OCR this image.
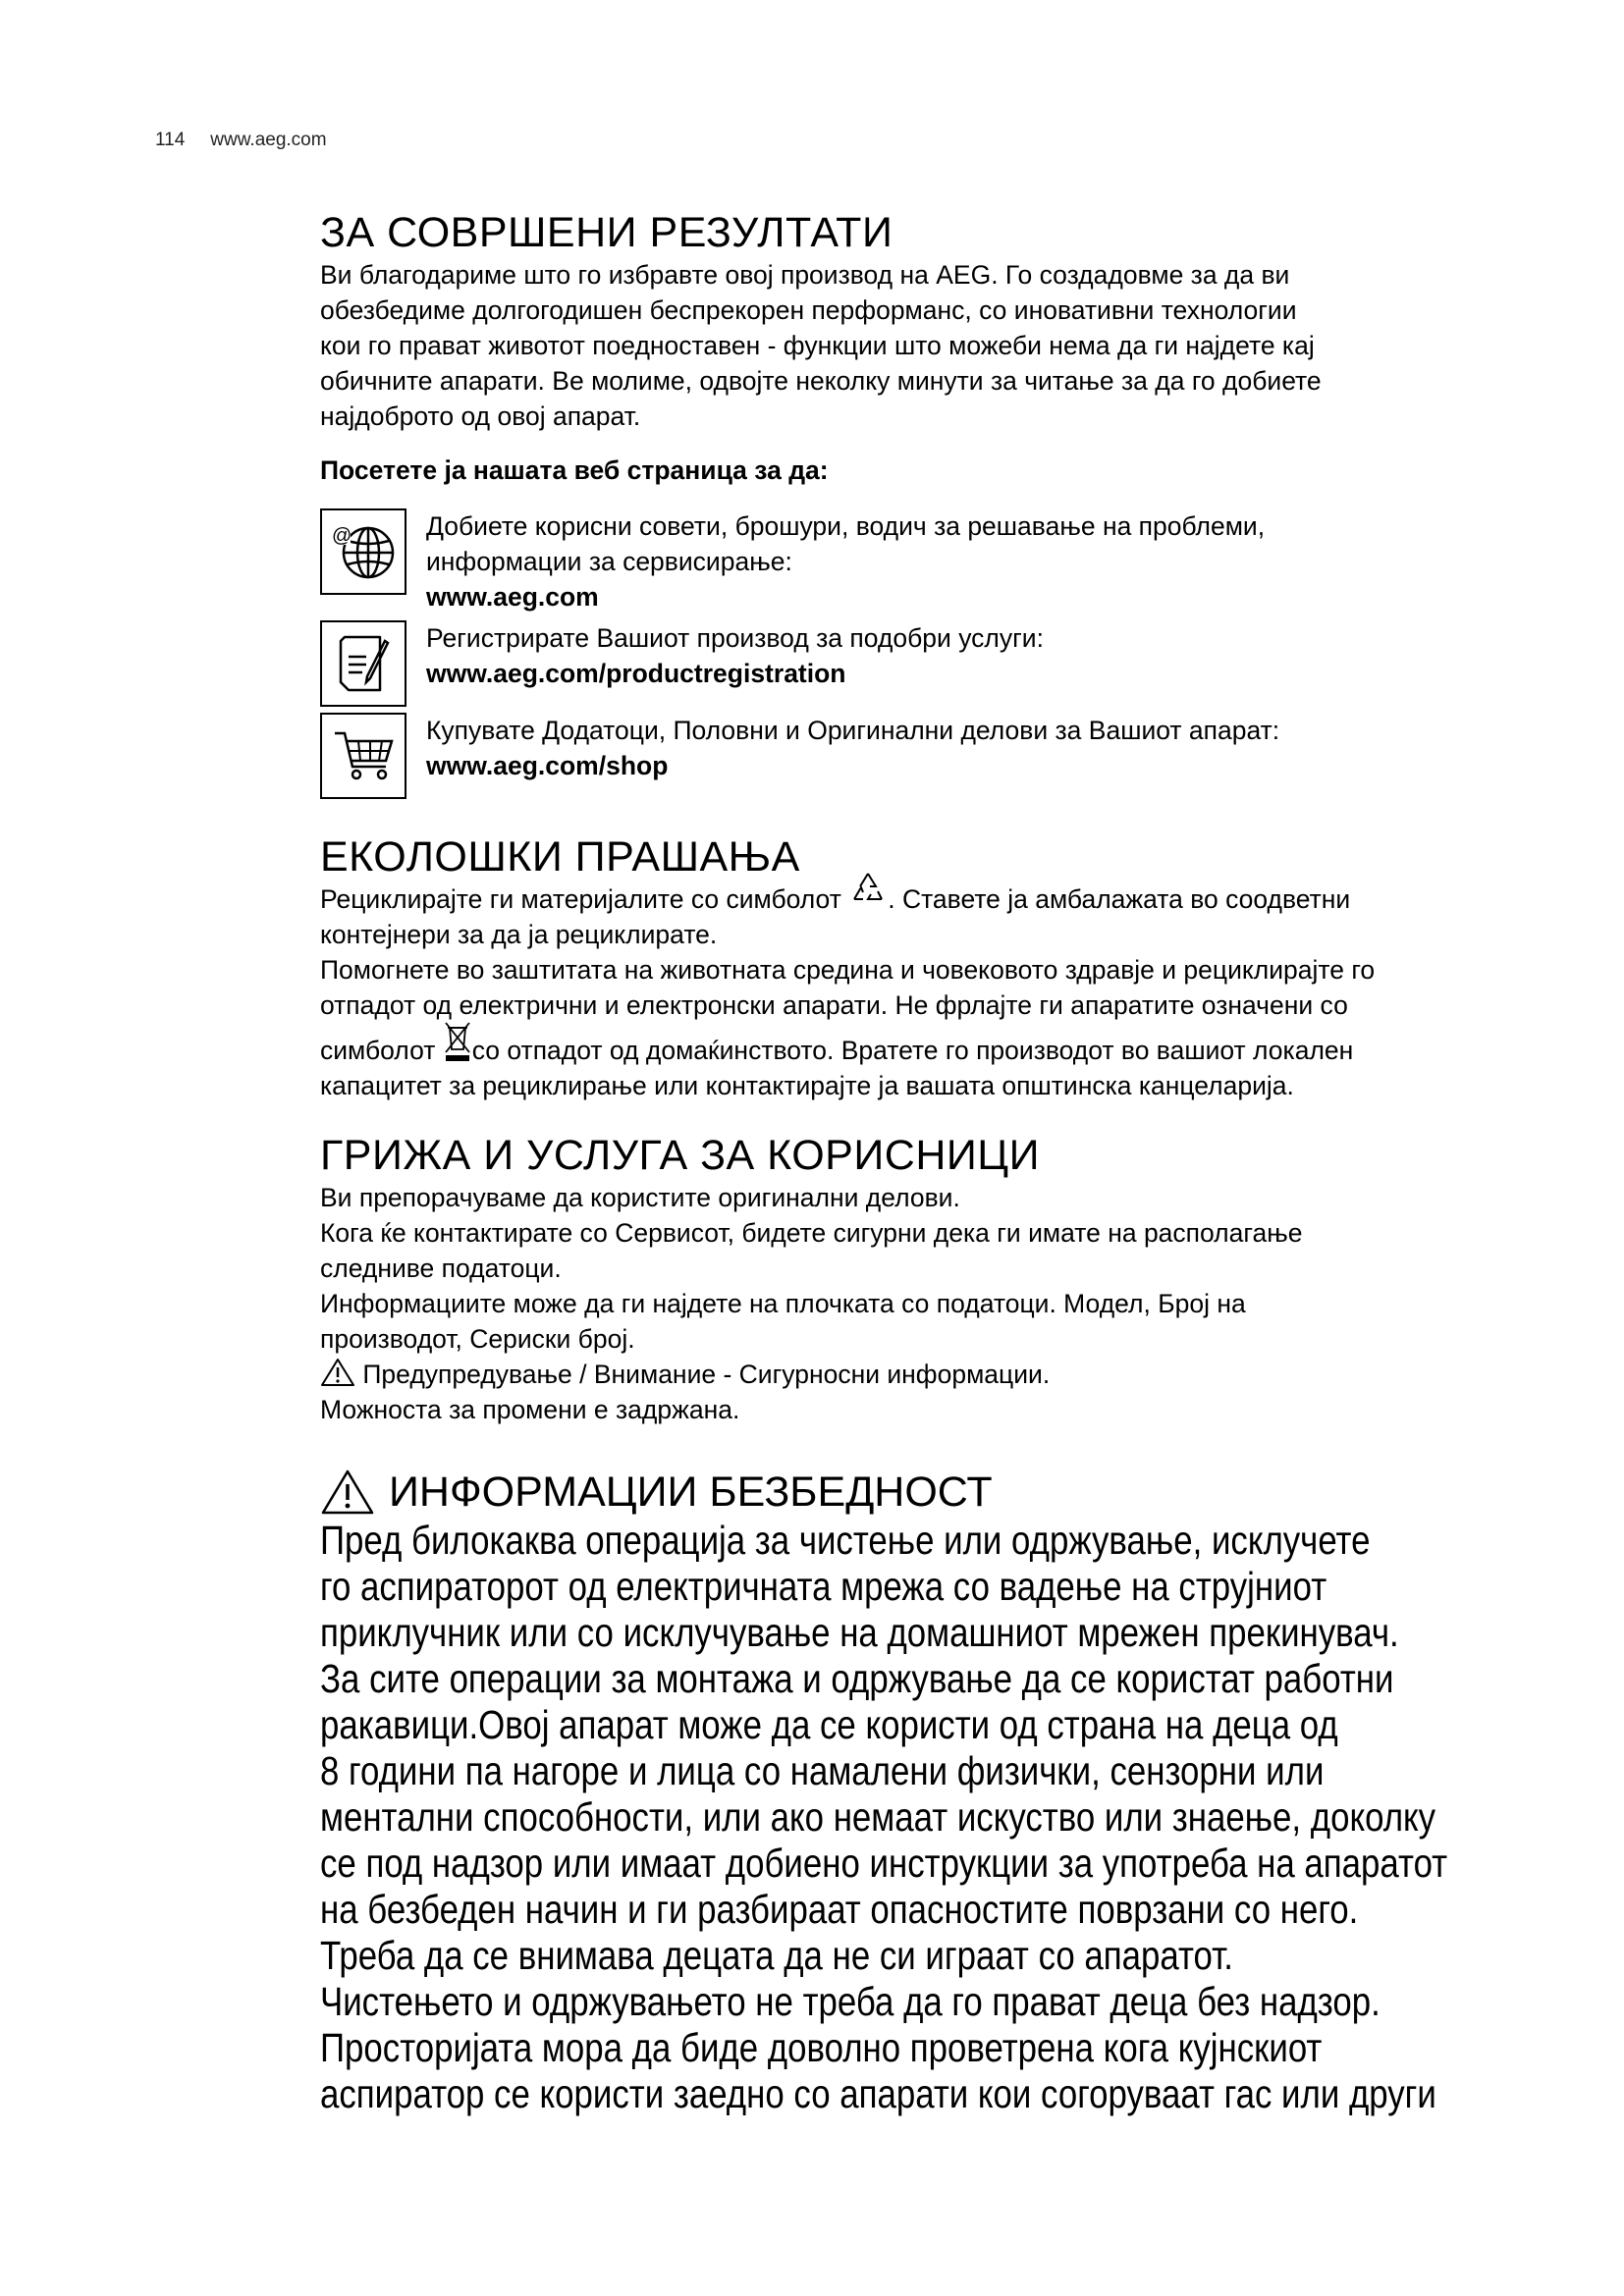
114 www.aeg.com
ЗА СОВРШЕНИ РЕЗУЛТАТИ

Ви благодариме што го избравте овој производ на AEG. Го создадовме за да ви

обезбедиме долгогодишен беспрекорен перформанс, со иновативни технологии

кои го прават животот поедноставен - функции што можеби нема да ги најдете кај

обичните апарати. Ве молиме, одвојте неколку минути за читање за да го добиете

најдоброто од овој апарат.

Посетете ја нашата веб страница за да:
@	Добиете корисни совети, брошури, водич за решавање на проблеми,
информации за сервисирање:
www.aeg.com
Регистрирате Вашиот производ за подобри услуги:
www.aeg.com/productregistration
Купувате Додатоци, Половни и Оригинални делови за Вашиот апарат:
www.aeg.com/shop
ЕКОЛОШКИ ПРАШАЊА

Рециклирајте ги материјалите со симболот . Ставете ја амбалажата во соодветни

контејнери за да ја рециклирате.

Помогнете во заштитата на животната средина и човековото здравје и рециклирајте го

отпадот од електрични и електронски апарати. Не фрлајте ги апаратите означени со

симболот со отпадот од домаќинството. Вратете го производот во вашиот локален

капацитет за рециклирање или контактирајте ја вашата општинска канцеларија.

ГРИЖА И УСЛУГА ЗА КОРИСНИЦИ

Ви препорачуваме да користите оригинални делови.

Кога ќе контактирате со Сервисот, бидете сигурни дека ги имате на располагање

следниве податоци.

Информациите може да ги најдете на плочката со податоци. Модел, Број на

производот, Сериски број.

Предупредување / Внимание - Сигурносни информации.

Можноста за промени е задржана.

ИНФОРМАЦИИ БЕЗБЕДНОСТ
Пред билокаква операција за чистење или одржување, исклучете
го аспираторот од електричната мрежа со вадење на струјниот
приклучник или со исклучување на домашниот мрежен прекинувач.
За сите операции за монтажа и одржување да се користат работни
ракавици.Овој апарат може да се користи од страна на деца од
8 години па нагоре и лица со намалени физички, сензорни или
ментални способности, или ако немаат искуство или знаење, доколку
се под надзор или имаат добиено инструкции за употреба на апаратот
на безбеден начин и ги разбираат опасностите поврзани со него.
Треба да се внимава децата да не си играат со апаратот.
Чистењето и одржувањето не треба да го прават деца без надзор.
Просторијата мора да биде доволно проветрена кога кујнскиот
аспиратор се користи заедно со апарати кои согоруваат гас или други
